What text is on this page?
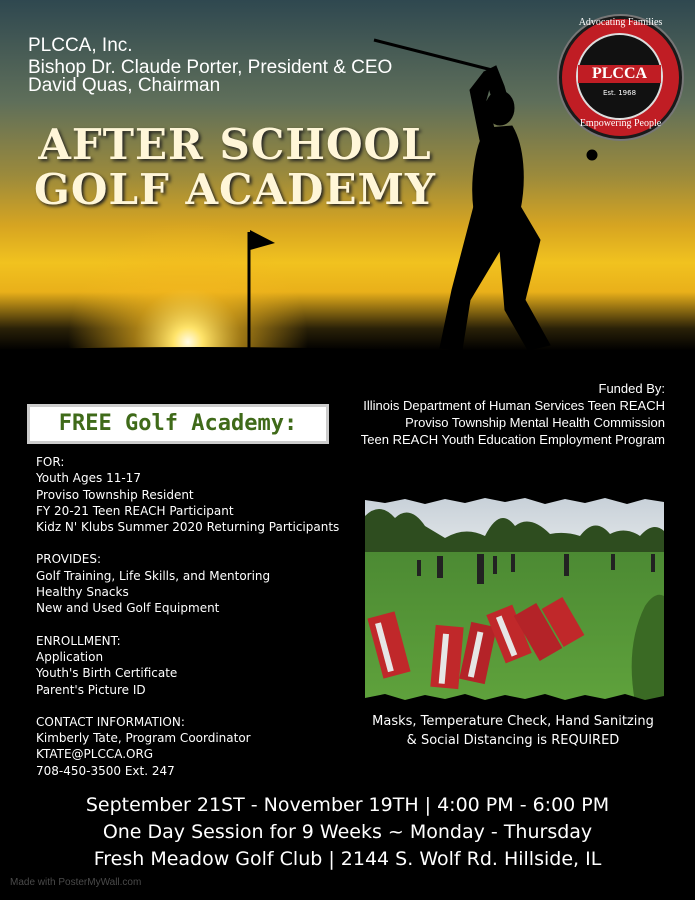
PLCCA, Inc.
Bishop Dr. Claude Porter, President & CEO
David Quas, Chairman
AFTER SCHOOL
GOLF ACADEMY
Advocating Families
PLCCA
Est. 1968
Empowering People
Funded By:
Illinois Department of Human Services Teen REACH
Proviso Township Mental Health Commission
Teen REACH Youth Education Employment Program
FREE Golf Academy:
FOR:
Youth Ages 11-17
Proviso Township Resident
FY 20-21 Teen REACH Participant
Kidz N' Klubs Summer 2020 Returning Participants
PROVIDES:
Golf Training, Life Skills, and Mentoring
Healthy Snacks
New and Used Golf Equipment
ENROLLMENT:
Application
Youth's Birth Certificate
Parent's Picture ID
CONTACT INFORMATION:
Kimberly Tate, Program Coordinator
KTATE@PLCCA.ORG
708-450-3500 Ext. 247
Masks, Temperature Check, Hand Sanitzing
& Social Distancing is REQUIRED
September 21ST - November 19TH | 4:00 PM - 6:00 PM
One Day Session for 9 Weeks ~ Monday - Thursday
Fresh Meadow Golf Club | 2144 S. Wolf Rd. Hillside, IL
Made with PosterMyWall.com
